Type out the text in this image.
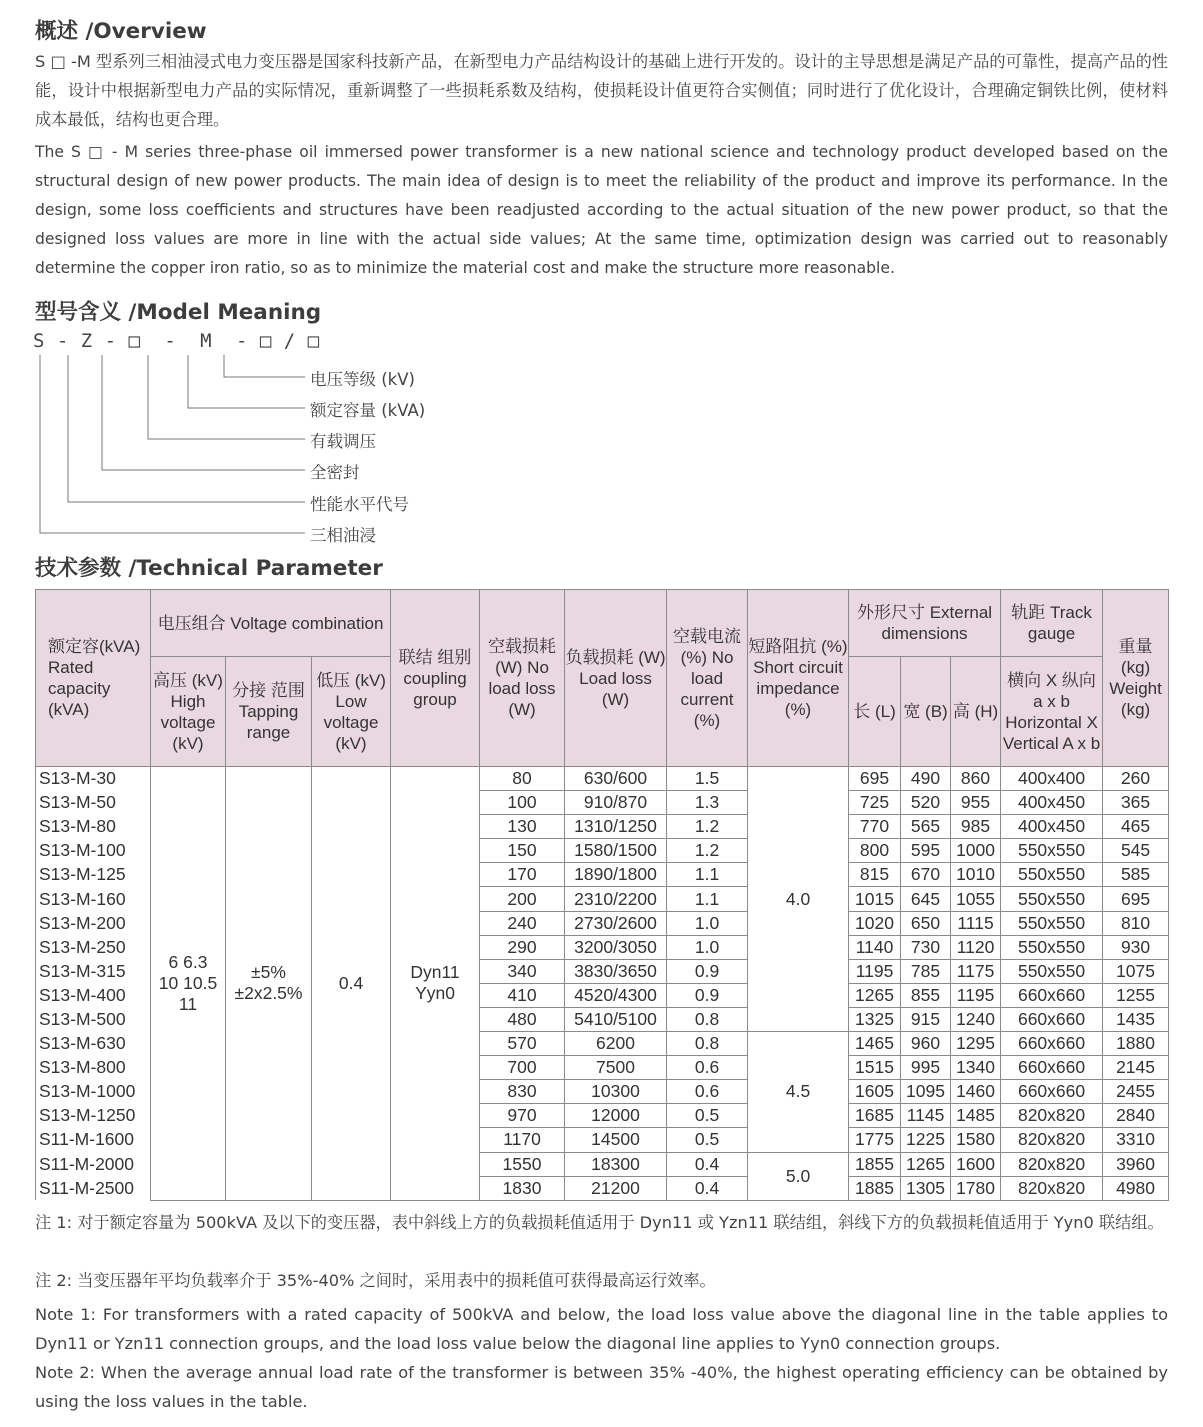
概述 /Overview
S □ -M 型系列三相油浸式电力变压器是国家科技新产品，在新型电力产品结构设计的基础上进行开发的。设计的主导思想是满足产品的可靠性，提高产品的性能，设计中根据新型电力产品的实际情况，重新调整了一些损耗系数及结构，使损耗设计值更符合实侧值；同时进行了优化设计，合理确定铜铁比例，使材料成本最低，结构也更合理。
The S □ - M series three-phase oil immersed power transformer is a new national science and technology product developed based on the structural design of new power products. The main idea of design is to meet the reliability of the product and improve its performance. In the design, some loss coefficients and structures have been readjusted according to the actual situation of the new power product, so that the designed loss values are more in line with the actual side values; At the same time, optimization design was carried out to reasonably determine the copper iron ratio, so as to minimize the material cost and make the structure more reasonable.
型号含义 /Model Meaning
S - Z - □  -  M  - □ / □
电压等级 (kV)
额定容量 (kVA)
有载调压
全密封
性能水平代号
三相油浸
技术参数 /Technical Parameter
额定容(kVA) Rated capacity (kVA)	电压组合 Voltage combination			联结 组别 coupling group	空载损耗 (W) No load loss (W)	负载损耗 (W) Load loss (W)	空载电流 (%) No load current (%)	短路阻抗 (%) Short circuit impedance (%)	外形尺寸 External dimensions			轨距 Track gauge	重量 (kg) Weight (kg)
	高压 (kV) High voltage (kV)	分接 范围 Tapping range	低压 (kV) Low voltage (kV)						长 (L)	宽 (B)	高 (H)	横向 X 纵向 a x b Horizontal X Vertical A x b	
S13-M-30	6 6.3 10 10.5 11	±5% ±2x2.5%	0.4	Dyn11 Yyn0	80	630/600	1.5	4.0	695	490	860	400x400	260
S13-M-50					100	910/870	1.3		725	520	955	400x450	365
S13-M-80					130	1310/1250	1.2		770	565	985	400x450	465
S13-M-100					150	1580/1500	1.2		800	595	1000	550x550	545
S13-M-125					170	1890/1800	1.1		815	670	1010	550x550	585
S13-M-160					200	2310/2200	1.1		1015	645	1055	550x550	695
S13-M-200					240	2730/2600	1.0		1020	650	1115	550x550	810
S13-M-250					290	3200/3050	1.0		1140	730	1120	550x550	930
S13-M-315					340	3830/3650	0.9		1195	785	1175	550x550	1075
S13-M-400					410	4520/4300	0.9		1265	855	1195	660x660	1255
S13-M-500					480	5410/5100	0.8		1325	915	1240	660x660	1435
S13-M-630					570	6200	0.8	4.5	1465	960	1295	660x660	1880
S13-M-800					700	7500	0.6		1515	995	1340	660x660	2145
S13-M-1000					830	10300	0.6		1605	1095	1460	660x660	2455
S13-M-1250					970	12000	0.5		1685	1145	1485	820x820	2840
S11-M-1600					1170	14500	0.5		1775	1225	1580	820x820	3310
S11-M-2000					1550	18300	0.4	5.0	1855	1265	1600	820x820	3960
S11-M-2500					1830	21200	0.4		1885	1305	1780	820x820	4980
注 1: 对于额定容量为 500kVA 及以下的变压器，表中斜线上方的负载损耗值适用于 Dyn11 或 Yzn11 联结组，斜线下方的负载损耗值适用于 Yyn0 联结组。
注 2: 当变压器年平均负载率介于 35%-40% 之间时，采用表中的损耗值可获得最高运行效率。
Note 1: For transformers with a rated capacity of 500kVA and below, the load loss value above the diagonal line in the table applies to Dyn11 or Yzn11 connection groups, and the load loss value below the diagonal line applies to Yyn0 connection groups.
Note 2: When the average annual load rate of the transformer is between 35% -40%, the highest operating efficiency can be obtained by using the loss values in the table.
